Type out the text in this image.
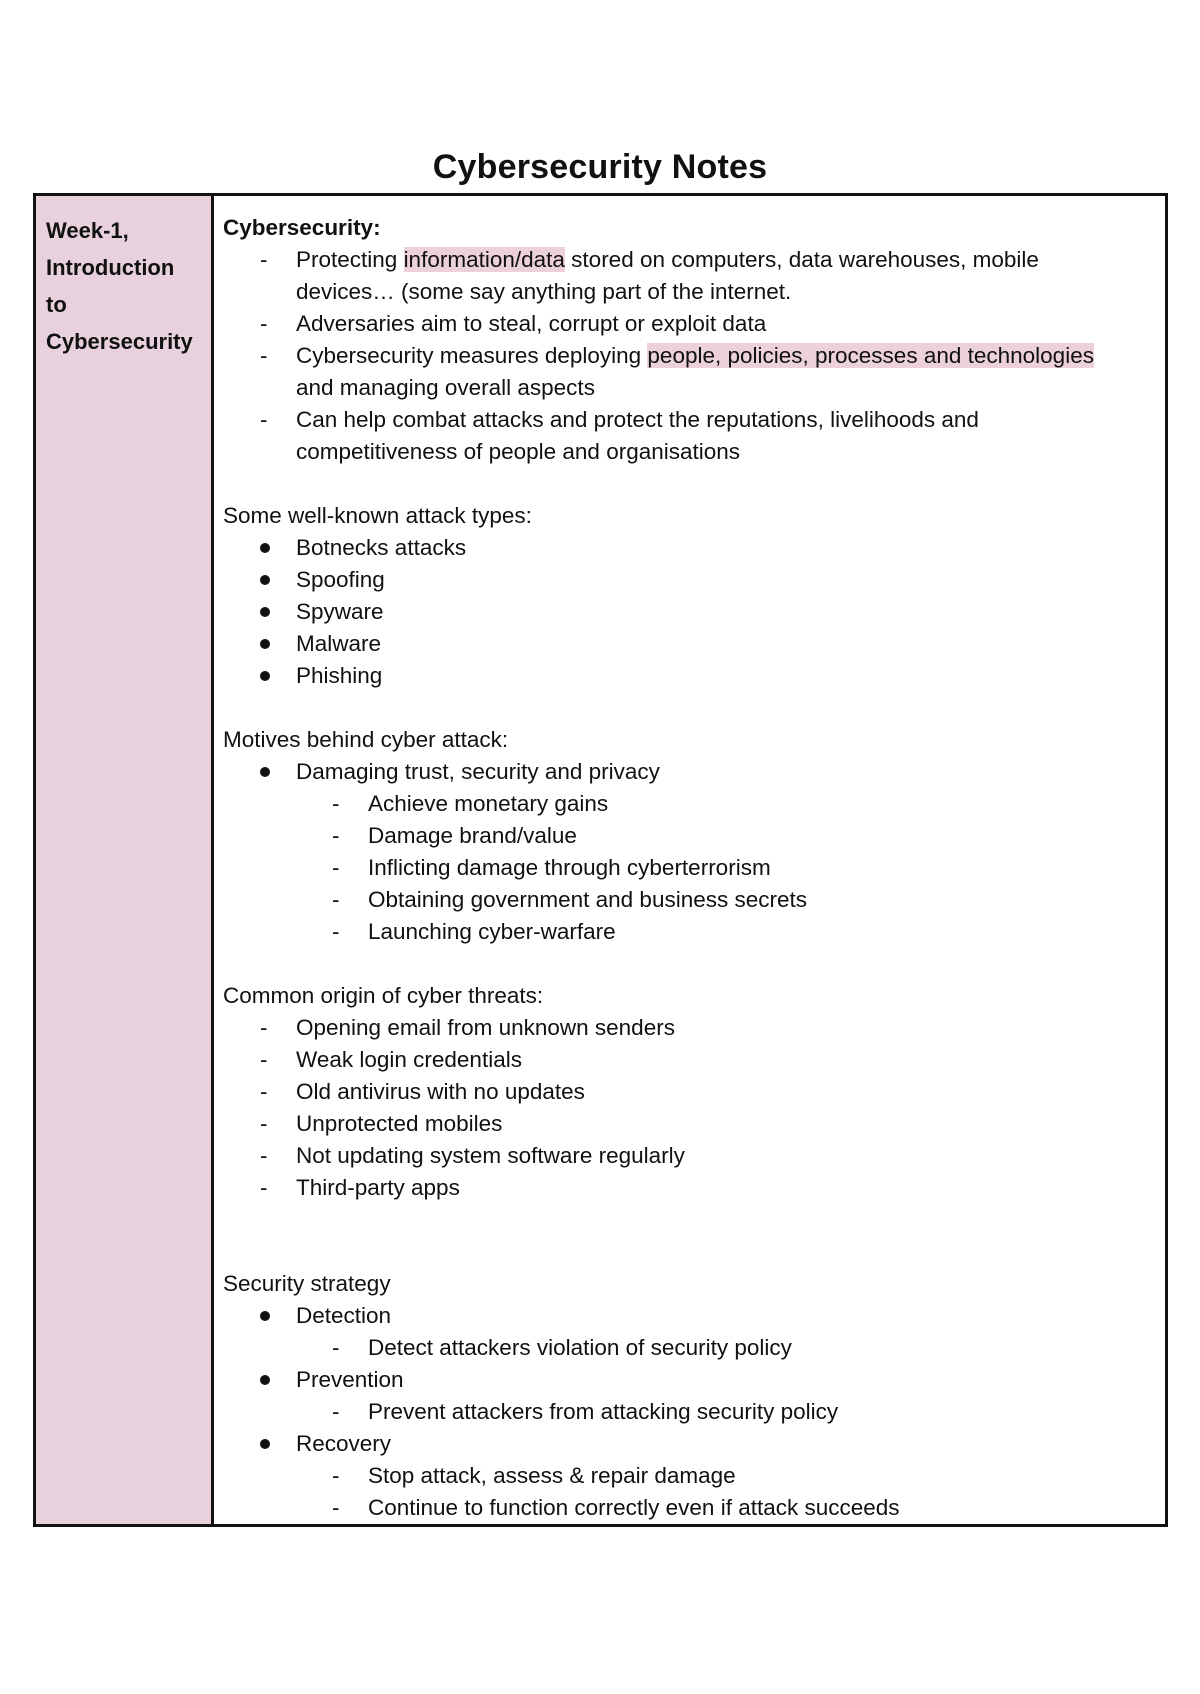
Cybersecurity Notes
Week-1,
Introduction
to
Cybersecurity
Cybersecurity:
- Protecting information/data stored on computers, data warehouses, mobile
devices… (some say anything part of the internet.
- Adversaries aim to steal, corrupt or exploit data
- Cybersecurity measures deploying people, policies, processes and technologies
and managing overall aspects
- Can help combat attacks and protect the reputations, livelihoods and
competitiveness of people and organisations
Some well-known attack types:
Botnecks attacks
Spoofing
Spyware
Malware
Phishing
Motives behind cyber attack:
Damaging trust, security and privacy
- Achieve monetary gains
- Damage brand/value
- Inflicting damage through cyberterrorism
- Obtaining government and business secrets
- Launching cyber-warfare
Common origin of cyber threats:
- Opening email from unknown senders
- Weak login credentials
- Old antivirus with no updates
- Unprotected mobiles
- Not updating system software regularly
- Third-party apps
Security strategy
Detection
- Detect attackers violation of security policy
Prevention
- Prevent attackers from attacking security policy
Recovery
- Stop attack, assess & repair damage
- Continue to function correctly even if attack succeeds
